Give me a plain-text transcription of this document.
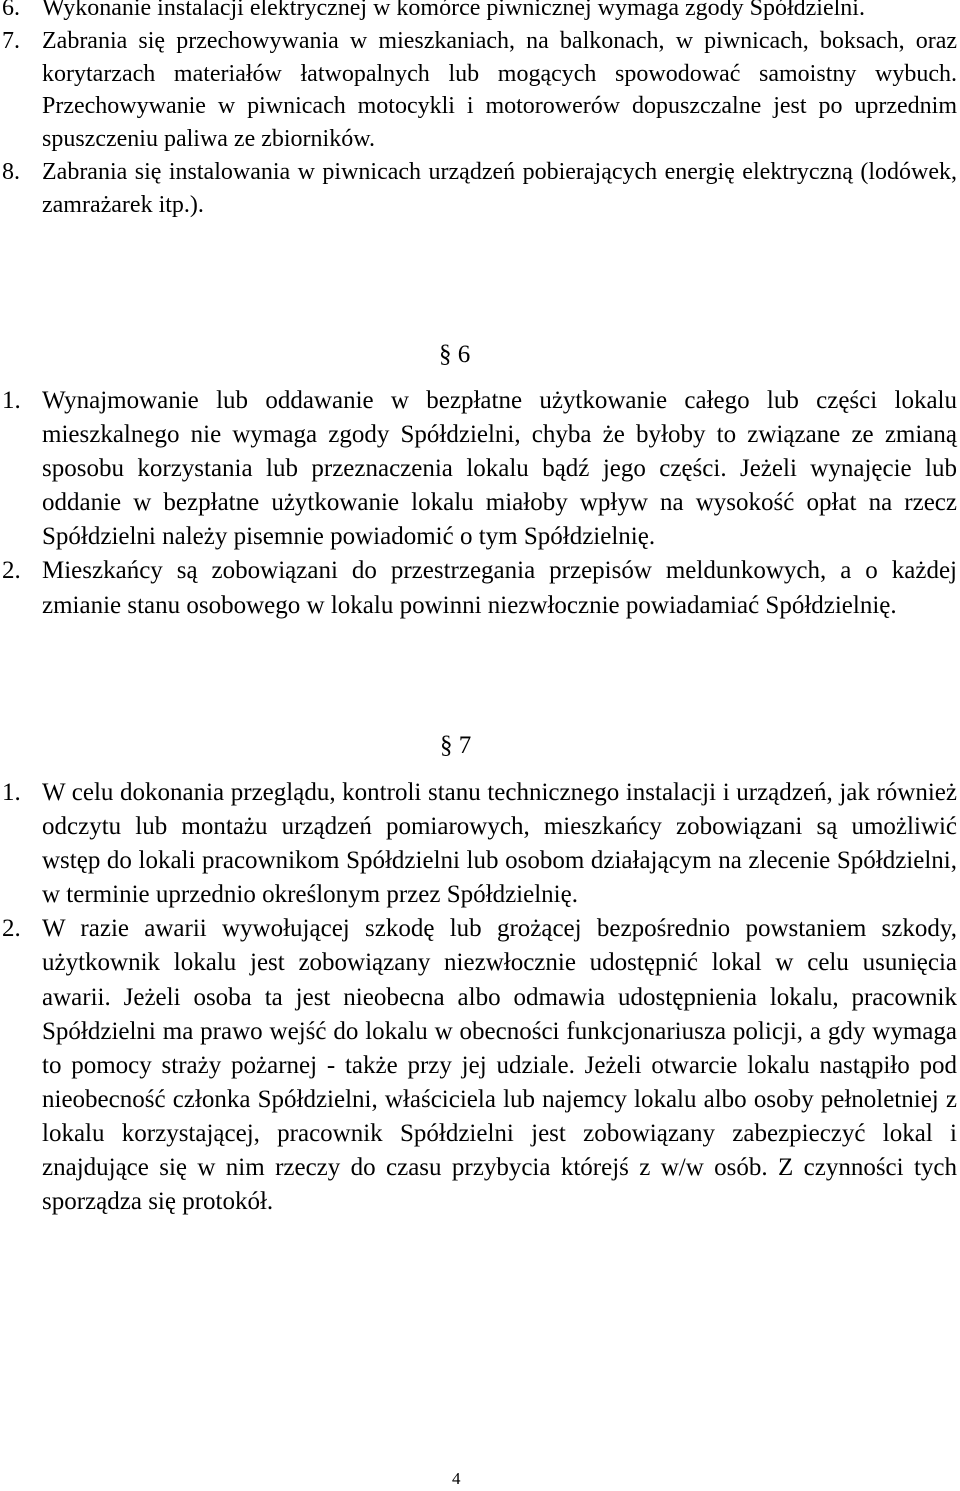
6. Wykonanie instalacji elektrycznej w komórce piwnicznej wymaga zgody Spółdzielni.
7. Zabrania się przechowywania w mieszkaniach, na balkonach, w piwnicach, boksach, oraz korytarzach materiałów łatwopalnych lub mogących spowodować samoistny wybuch. Przechowywanie w piwnicach motocykli i motorowerów dopuszczalne jest po uprzednim spuszczeniu paliwa ze zbiorników.
8. Zabrania się instalowania w piwnicach urządzeń pobierających energię elektryczną (lodówek, zamrażarek itp.).
§ 6
1. Wynajmowanie lub oddawanie w bezpłatne użytkowanie całego lub części lokalu mieszkalnego nie wymaga zgody Spółdzielni, chyba że byłoby to związane ze zmianą sposobu korzystania lub przeznaczenia lokalu bądź jego części. Jeżeli wynajęcie lub oddanie w bezpłatne użytkowanie lokalu miałoby wpływ na wysokość opłat na rzecz Spółdzielni należy pisemnie powiadomić o tym Spółdzielnię.
2. Mieszkańcy są zobowiązani do przestrzegania przepisów meldunkowych, a o każdej zmianie stanu osobowego w lokalu powinni niezwłocznie powiadamiać Spółdzielnię.
§ 7
1. W celu dokonania przeglądu, kontroli stanu technicznego instalacji i urządzeń, jak również odczytu lub montażu urządzeń pomiarowych, mieszkańcy zobowiązani są umożliwić wstęp do lokali pracownikom Spółdzielni lub osobom działającym na zlecenie Spółdzielni, w terminie uprzednio określonym przez Spółdzielnię.
2. W razie awarii wywołującej szkodę lub grożącej bezpośrednio powstaniem szkody, użytkownik lokalu jest zobowiązany niezwłocznie udostępnić lokal w celu usunięcia awarii. Jeżeli osoba ta jest nieobecna albo odmawia udostępnienia lokalu, pracownik Spółdzielni ma prawo wejść do lokalu w obecności funkcjonariusza policji, a gdy wymaga to pomocy straży pożarnej - także przy jej udziale. Jeżeli otwarcie lokalu nastąpiło pod nieobecność członka Spółdzielni, właściciela lub najemcy lokalu albo osoby pełnoletniej z lokalu korzystającej, pracownik Spółdzielni jest zobowiązany zabezpieczyć lokal i znajdujące się w nim rzeczy do czasu przybycia którejś z w/w osób. Z czynności tych sporządza się protokół.
4
